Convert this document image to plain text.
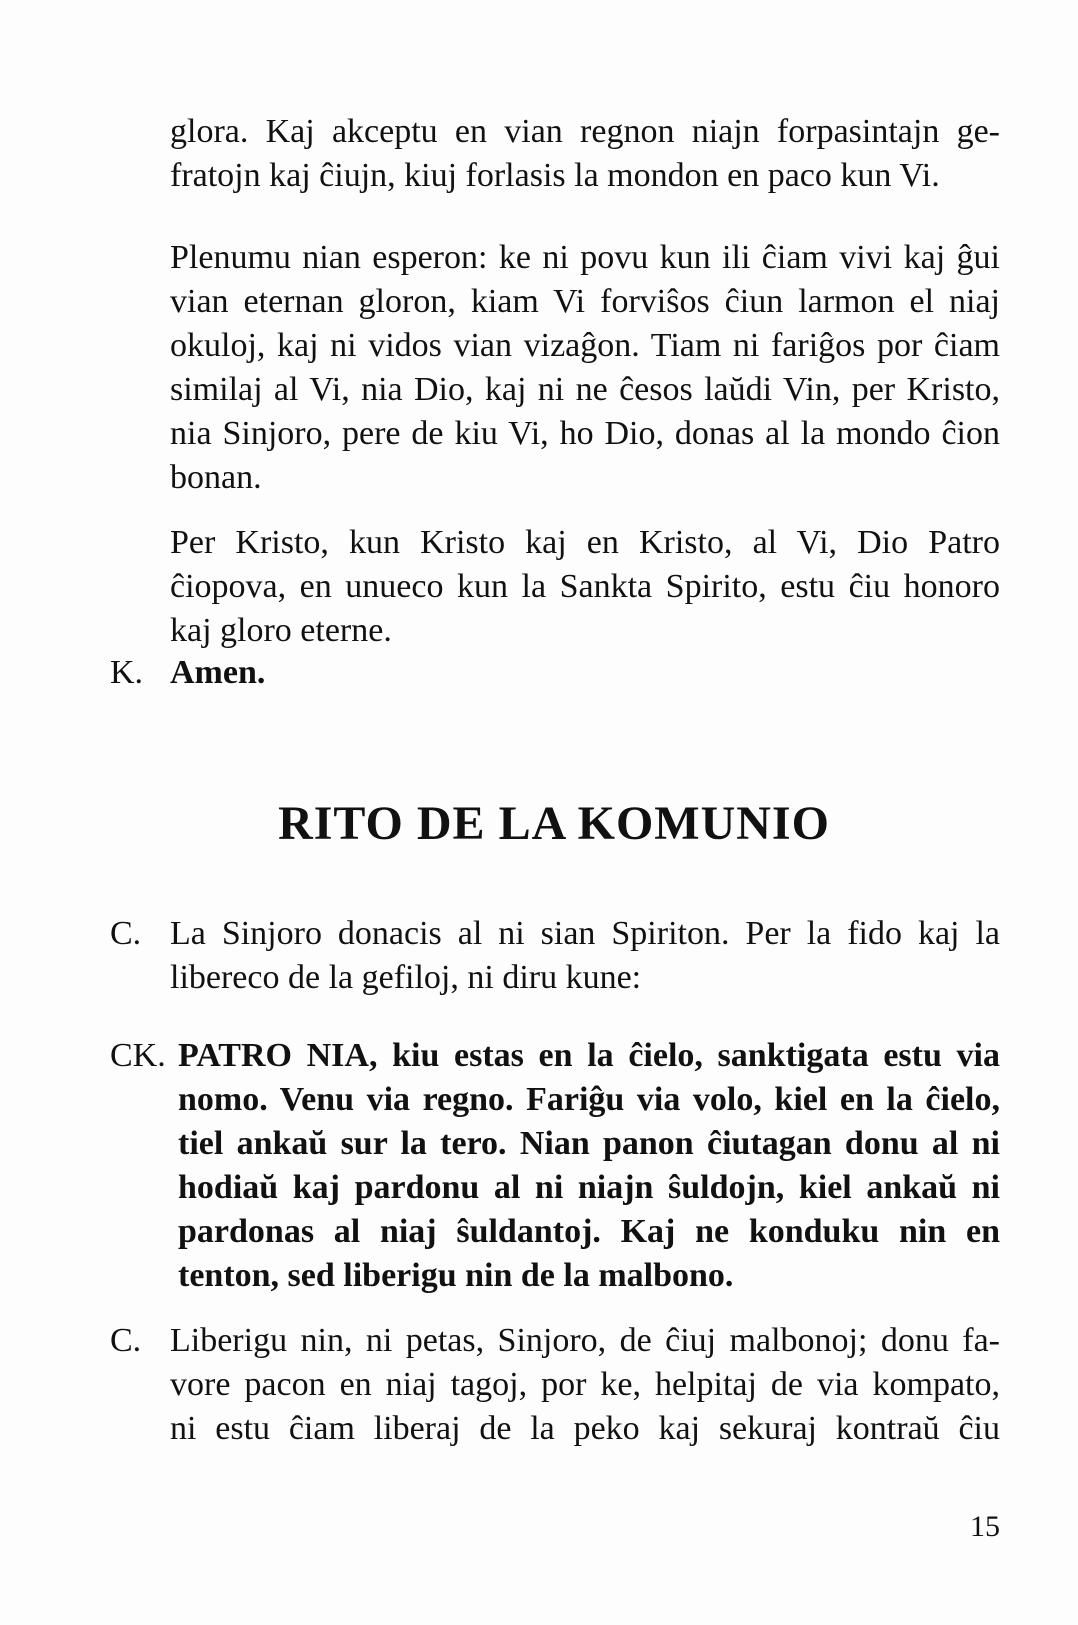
glora. Kaj akceptu en vian regnon niajn forpasintajn ge-
fratojn kaj ĉiujn, kiuj forlasis la mondon en paco kun Vi.
Plenumu nian esperon: ke ni povu kun ili ĉiam vivi kaj ĝui
vian eternan gloron, kiam Vi forviŝos ĉiun larmon el niaj
okuloj, kaj ni vidos vian vizaĝon. Tiam ni fariĝos por ĉiam
similaj al Vi, nia Dio, kaj ni ne ĉesos laŭdi Vin, per Kristo,
nia Sinjoro, pere de kiu Vi, ho Dio, donas al la mondo ĉion
bonan.
Per Kristo, kun Kristo kaj en Kristo, al Vi, Dio Patro
ĉiopova, en unueco kun la Sankta Spirito, estu ĉiu honoro
kaj gloro eterne.
K. Amen.
RITO DE LA KOMUNIO
C. La Sinjoro donacis al ni sian Spiriton. Per la fido kaj la
libereco de la gefiloj, ni diru kune:
CK. PATRO NIA, kiu estas en la ĉielo, sanktigata estu via
nomo. Venu via regno. Fariĝu via volo, kiel en la ĉielo,
tiel ankaŭ sur la tero. Nian panon ĉiutagan donu al ni
hodiaŭ kaj pardonu al ni niajn ŝuldojn, kiel ankaŭ ni
pardonas al niaj ŝuldantoj. Kaj ne konduku nin en
tenton, sed liberigu nin de la malbono.
C. Liberigu nin, ni petas, Sinjoro, de ĉiuj malbonoj; donu fa-
vore pacon en niaj tagoj, por ke, helpitaj de via kompato,
ni estu ĉiam liberaj de la peko kaj sekuraj kontraŭ ĉiu
15
